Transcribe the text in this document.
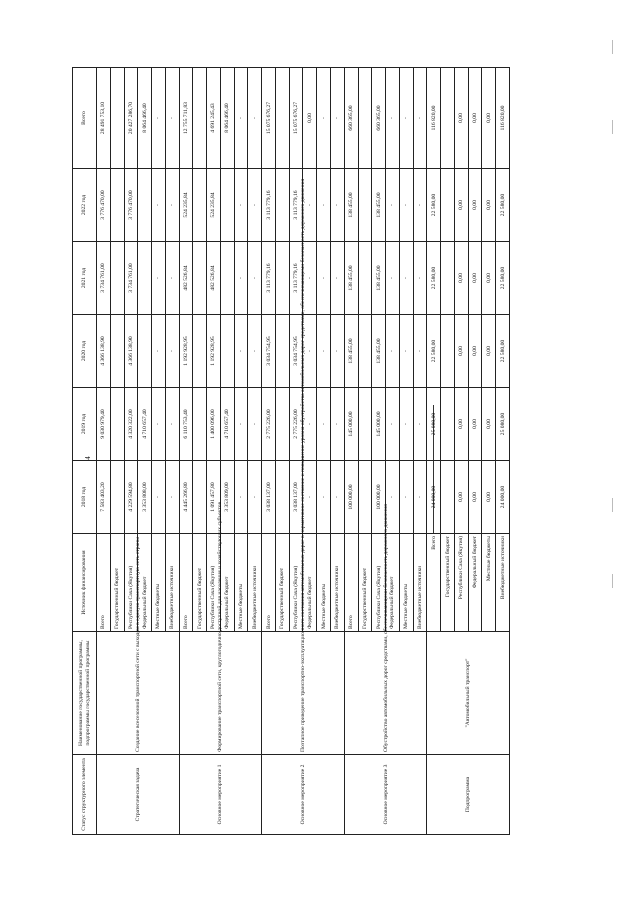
4
Статус структурного элемента	Наименование государственной программы, подпрограммы государственной программы	Источник финансирования	2018 год	2019 год	2020 год	2021 год	2022 год	Всего
Стратегическая задача	Создание всесезонной транспортной сети с выходом в единую транспортную сеть страны	Всего	7 583 403,20	9 030 979,40	4 366 138,90	3 734 761,00	3 776 470,00	28 491 753,10
		Государственный бюджет						
		Республики Саха (Якутия)	4 229 594,80	4 320 322,00	4 366 138,90	3 734 761,00	3 776 470,00	20 427 286,70
		Федеральный бюджет	3 353 808,00	4 710 657,40				8 064 466,40
		Местные бюджеты	-	-	-	-	-	-
		Внебюджетные источники	-	-	-	-	-	-
Основное мероприятие 1	Формирование транспортной сети, круглогодично доступной для населения и хозяйствующих субъектов	Всего	4 445 266,80	6 110 753,40	1 192 928,95	482 526,84	524 235,84	12 755 711,83
		Государственный бюджет						
		Республики Саха (Якутия)	1 091 457,80	1 400 096,00	1 192 928,95	482 526,84	524 235,84	4 691 245,43
		Федеральный бюджет	3 353 809,00	4 710 657,40				8 064 466,40
		Местные бюджеты	-	-	-	-	-	-
		Внебюджетные источники	-	-	-	-	-	-
Основное мероприятие 2	Поэтапное приведение транспортно-эксплуатационного состояния автомобильных дорог в нормативное состояние и повышение уровня обустройства автомобильных дорог средствами, обеспечивающими безопасность дорожного движения	Всего	3 038 137,00	2 775 226,00	3 034 754,95	3 113 779,16	3 113 779,16	15 075 676,27
		Государственный бюджет						
		Республики Саха (Якутия)	3 038 137,00	2 775 226,00	3 034 754,95	3 113 779,16	3 113 779,16	15 075 676,27
		Федеральный бюджет	-	-	-	-	-	0,00
		Местные бюджеты	-	-	-	-	-	-
		Внебюджетные источники	-	-	-	-	-	-
Основное мероприятие 3	Обустройство автомобильных дорог средствами, обеспечивающими безопасность дорожного движения	Всего	100 000,00	145 000,00	138 455,00	138 455,00	138 455,00	660 365,00
		Государственный бюджет						
		Республики Саха (Якутия)	100 000,00	145 000,00	138 455,00	138 455,00	138 455,00	660 365,00
		Федеральный бюджет	-	-	-	-	-	-
		Местные бюджеты	-	-	-	-	-	-
		Внебюджетные источники	-	-	-	-	-	-
Подпрограмма	"Автомобильный транспорт"	Всего	24 000,00	25 080,00	22 580,00	22 580,00	22 580,00	116 820,00
		Государственный бюджет						
		Республики Саха (Якутия)	0,00	0,00	0,00	0,00	0,00	0,00
		Федеральный бюджет	0,00	0,00	0,00	0,00	0,00	0,00
		Местные бюджеты	0,00	0,00	0,00	0,00	0,00	0,00
		Внебюджетные источники	24 000,00	25 080,00	22 580,00	22 580,00	22 580,00	116 820,00
